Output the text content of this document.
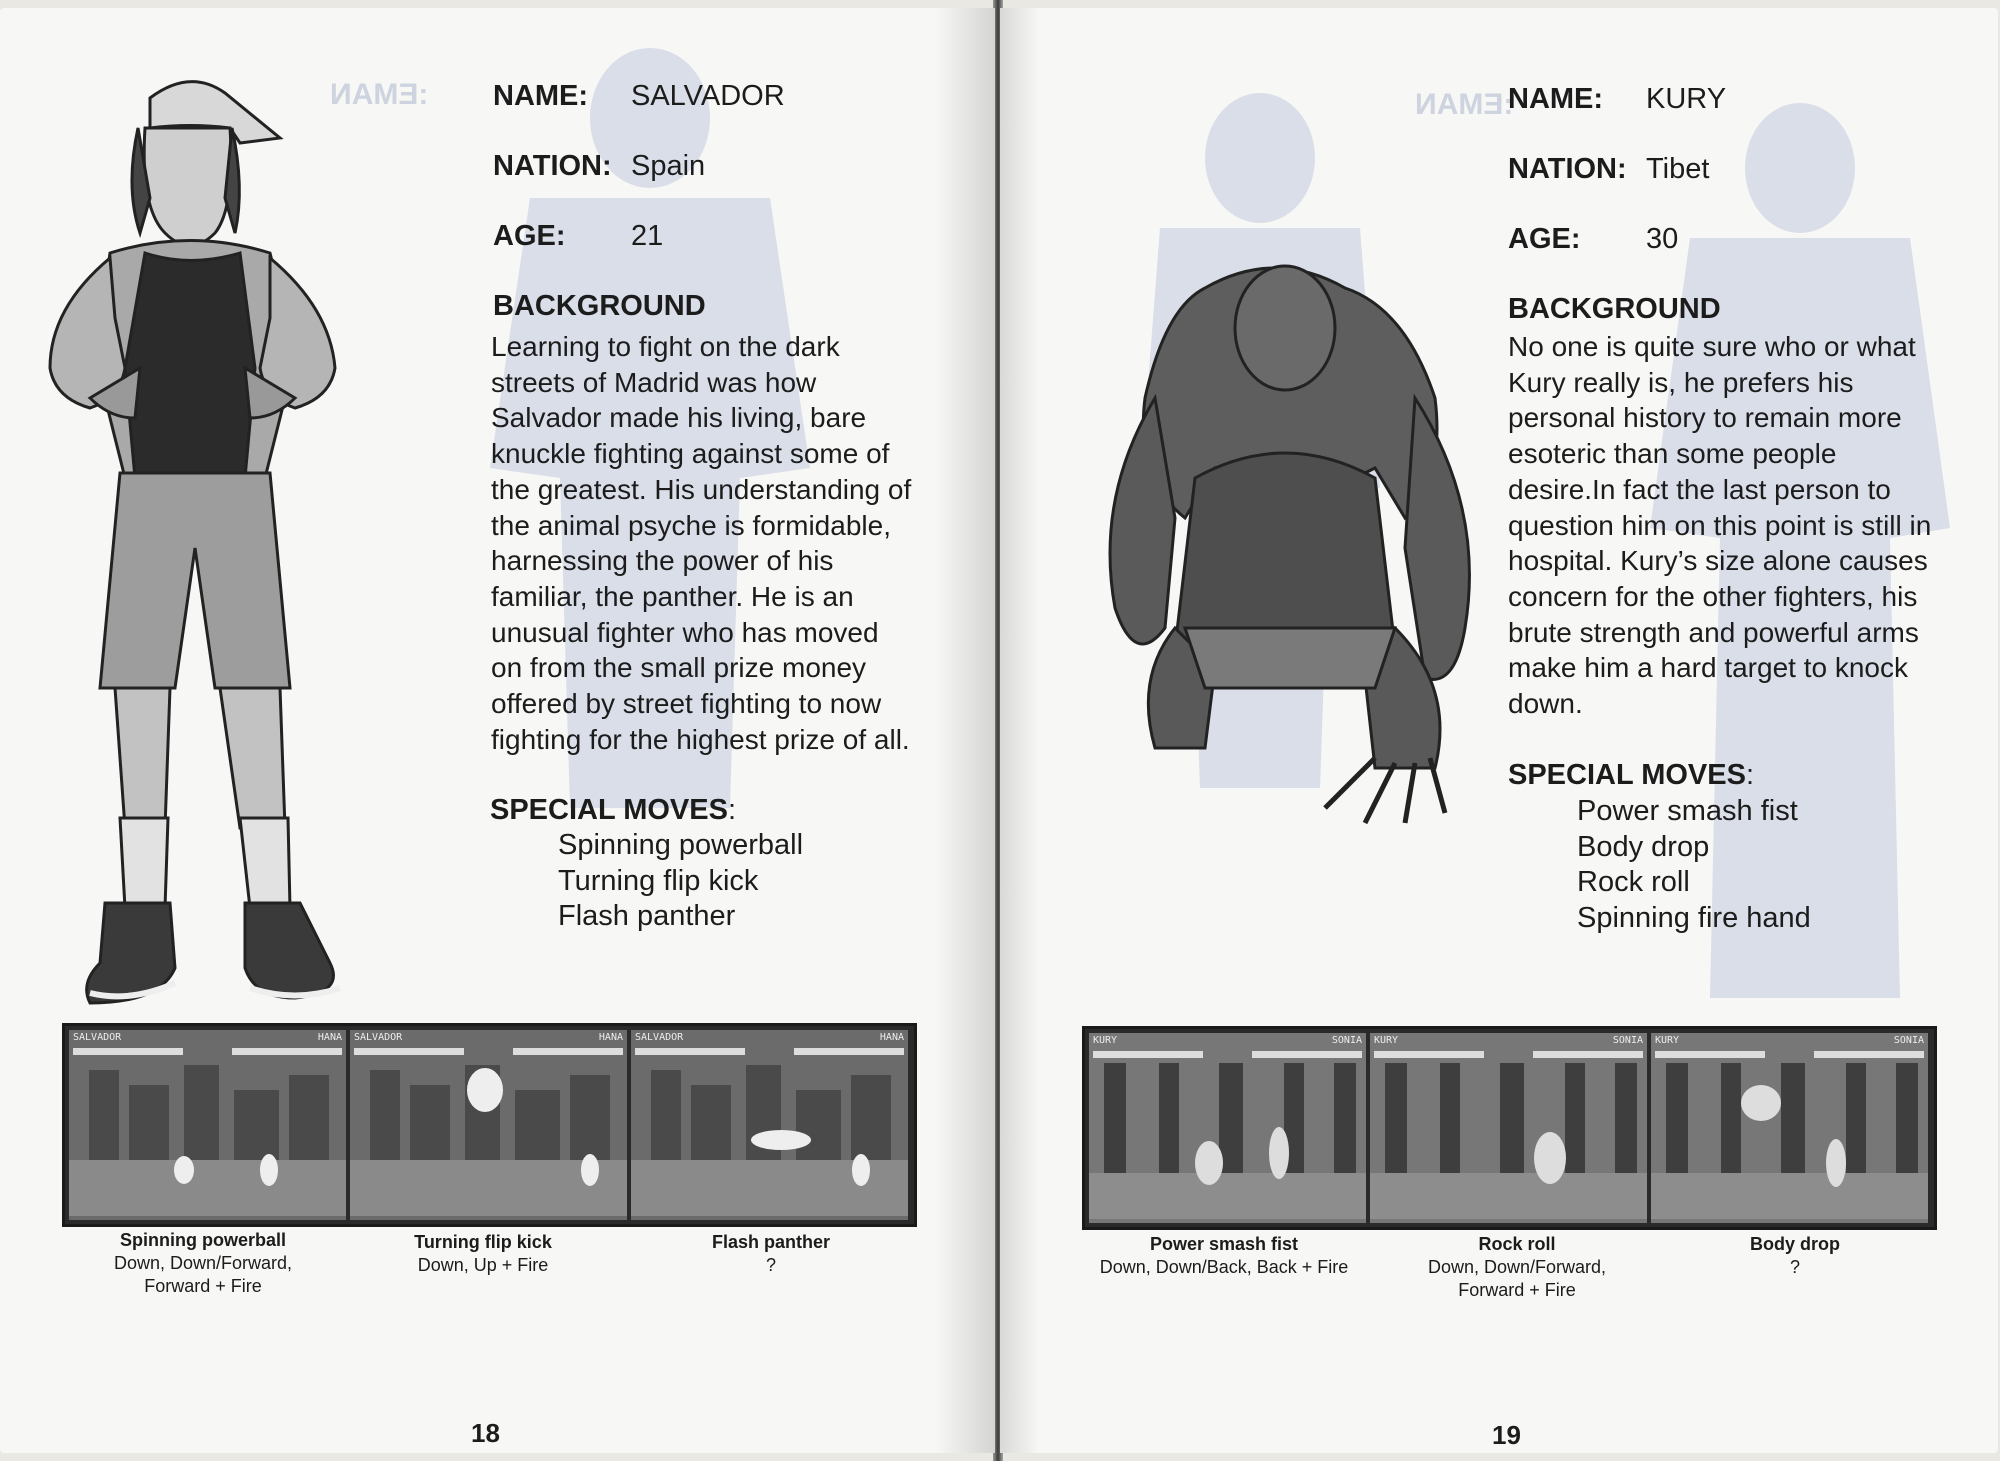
:EMAN NAME: SALVADOR
NATION: Spain
AGE: 21
BACKGROUND
Learning to fight on the dark
streets of Madrid was how
Salvador made his living, bare
knuckle fighting against some of
the greatest. His understanding of
the animal psyche is formidable,
harnessing the power of his
familiar, the panther. He is an
unusual fighter who has moved
on from the small prize money
offered by street fighting to now
fighting for the highest prize of all.
SPECIAL MOVES:
Spinning powerball
Turning flip kick
Flash panther
SALVADOR	HANA SALVADOR	HANA SALVADOR	HANA
Spinning powerball
Down, Down/Forward,
Forward + Fire
Turning flip kick
Down, Up + Fire
Flash panther
?
18
:EMAN
NAME: KURY
NATION: Tibet
AGE: 30
BACKGROUND
No one is quite sure who or what
Kury really is, he prefers his
personal history to remain more
esoteric than some people
desire.In fact the last person to
question him on this point is still in
hospital. Kury’s size alone causes
concern for the other fighters, his
brute strength and powerful arms
make him a hard target to knock
down.
SPECIAL MOVES:
Power smash fist
Body drop
Rock roll
Spinning fire hand
KURY	SONIA KURY	SONIA KURY	SONIA
Power smash fist
Down, Down/Back, Back + Fire
Rock roll
Down, Down/Forward,
Forward + Fire
Body drop
?
19
